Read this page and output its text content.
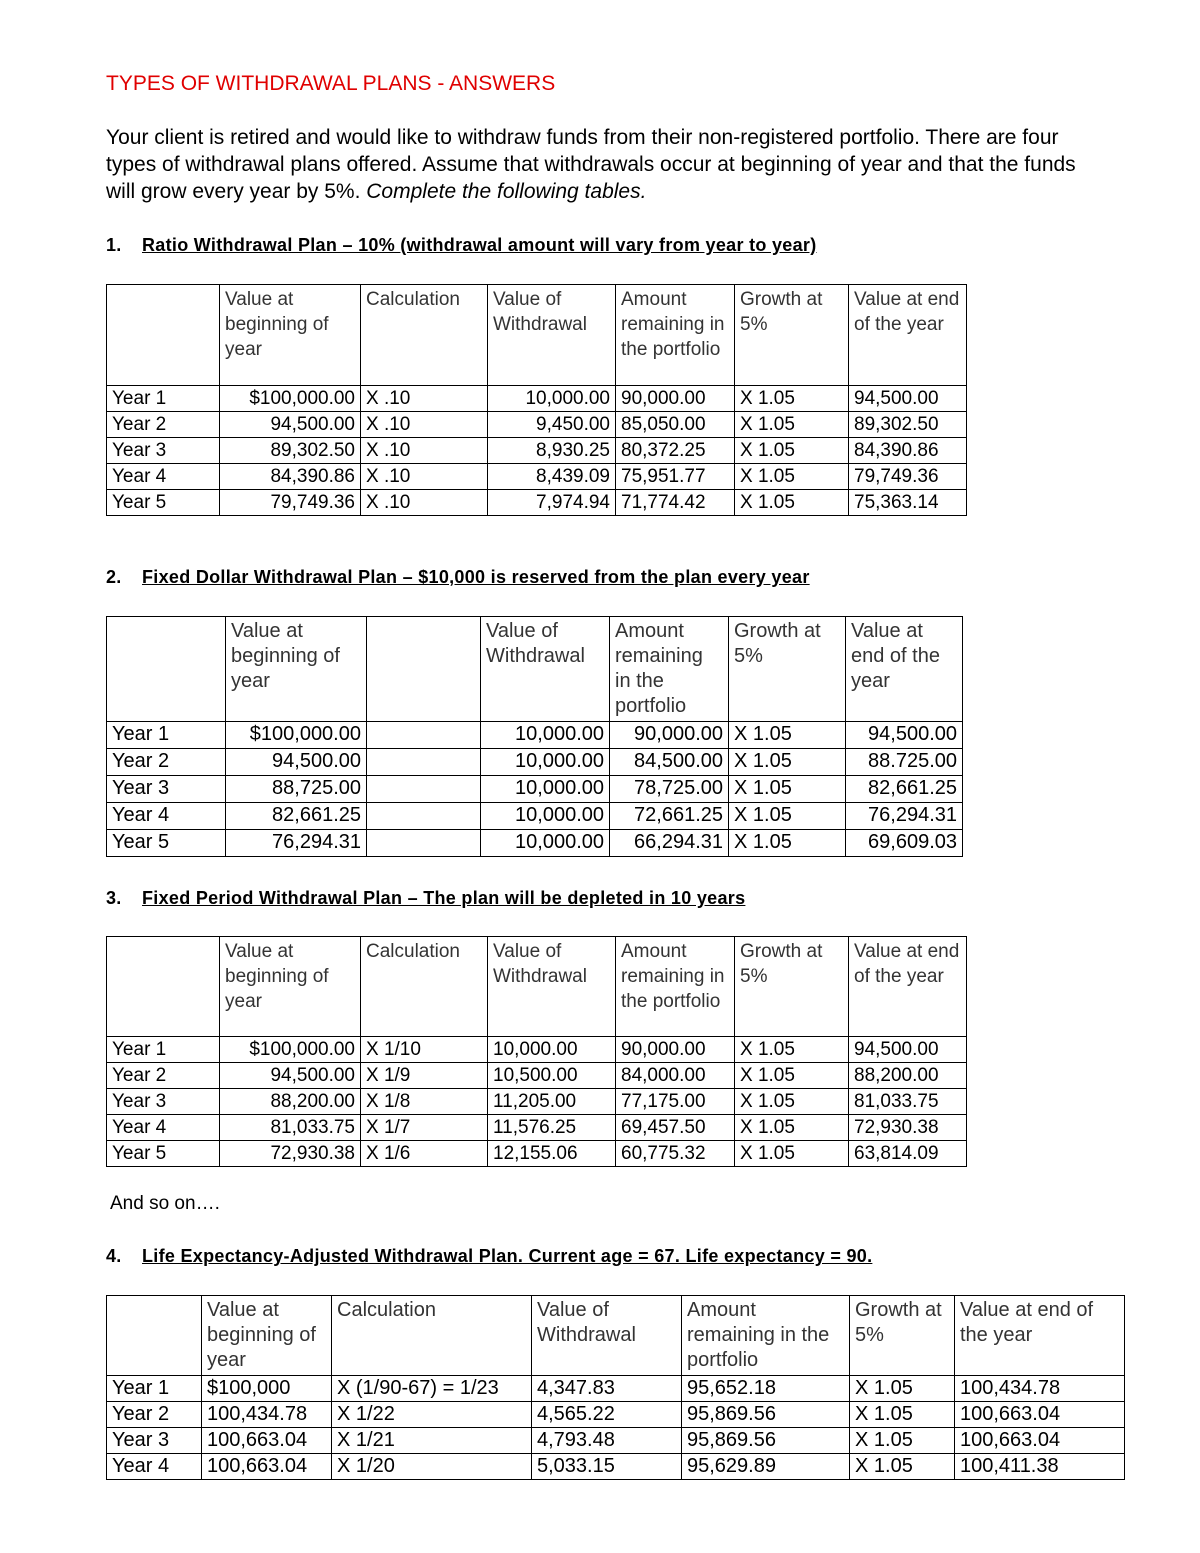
TYPES OF WITHDRAWAL PLANS - ANSWERS
Your client is retired and would like to withdraw funds from their non-registered portfolio. There are four types of withdrawal plans offered. Assume that withdrawals occur at beginning of year and that the funds will grow every year by 5%. Complete the following tables.
1. Ratio Withdrawal Plan – 10% (withdrawal amount will vary from year to year)
	Value at beginning of year	Calculation	Value of Withdrawal	Amount remaining in the portfolio	Growth at 5%	Value at end of the year
Year 1	$100,000.00	X .10	10,000.00	90,000.00	X 1.05	94,500.00
Year 2	94,500.00	X .10	9,450.00	85,050.00	X 1.05	89,302.50
Year 3	89,302.50	X .10	8,930.25	80,372.25	X 1.05	84,390.86
Year 4	84,390.86	X .10	8,439.09	75,951.77	X 1.05	79,749.36
Year 5	79,749.36	X .10	7,974.94	71,774.42	X 1.05	75,363.14
2. Fixed Dollar Withdrawal Plan – $10,000 is reserved from the plan every year
	Value at beginning of year		Value of Withdrawal	Amount remaining in the portfolio	Growth at 5%	Value at end of the year
Year 1	$100,000.00		10,000.00	90,000.00	X 1.05	94,500.00
Year 2	94,500.00		10,000.00	84,500.00	X 1.05	88.725.00
Year 3	88,725.00		10,000.00	78,725.00	X 1.05	82,661.25
Year 4	82,661.25		10,000.00	72,661.25	X 1.05	76,294.31
Year 5	76,294.31		10,000.00	66,294.31	X 1.05	69,609.03
3. Fixed Period Withdrawal Plan – The plan will be depleted in 10 years
	Value at beginning of year	Calculation	Value of Withdrawal	Amount remaining in the portfolio	Growth at 5%	Value at end of the year
Year 1	$100,000.00	X 1/10	10,000.00	90,000.00	X 1.05	94,500.00
Year 2	94,500.00	X 1/9	10,500.00	84,000.00	X 1.05	88,200.00
Year 3	88,200.00	X 1/8	11,205.00	77,175.00	X 1.05	81,033.75
Year 4	81,033.75	X 1/7	11,576.25	69,457.50	X 1.05	72,930.38
Year 5	72,930.38	X 1/6	12,155.06	60,775.32	X 1.05	63,814.09
And so on….
4. Life Expectancy-Adjusted Withdrawal Plan. Current age = 67. Life expectancy = 90.
	Value at beginning of year	Calculation	Value of Withdrawal	Amount remaining in the portfolio	Growth at 5%	Value at end of the year
Year 1	$100,000	X (1/90-67) = 1/23	4,347.83	95,652.18	X 1.05	100,434.78
Year 2	100,434.78	X 1/22	4,565.22	95,869.56	X 1.05	100,663.04
Year 3	100,663.04	X 1/21	4,793.48	95,869.56	X 1.05	100,663.04
Year 4	100,663.04	X 1/20	5,033.15	95,629.89	X 1.05	100,411.38
